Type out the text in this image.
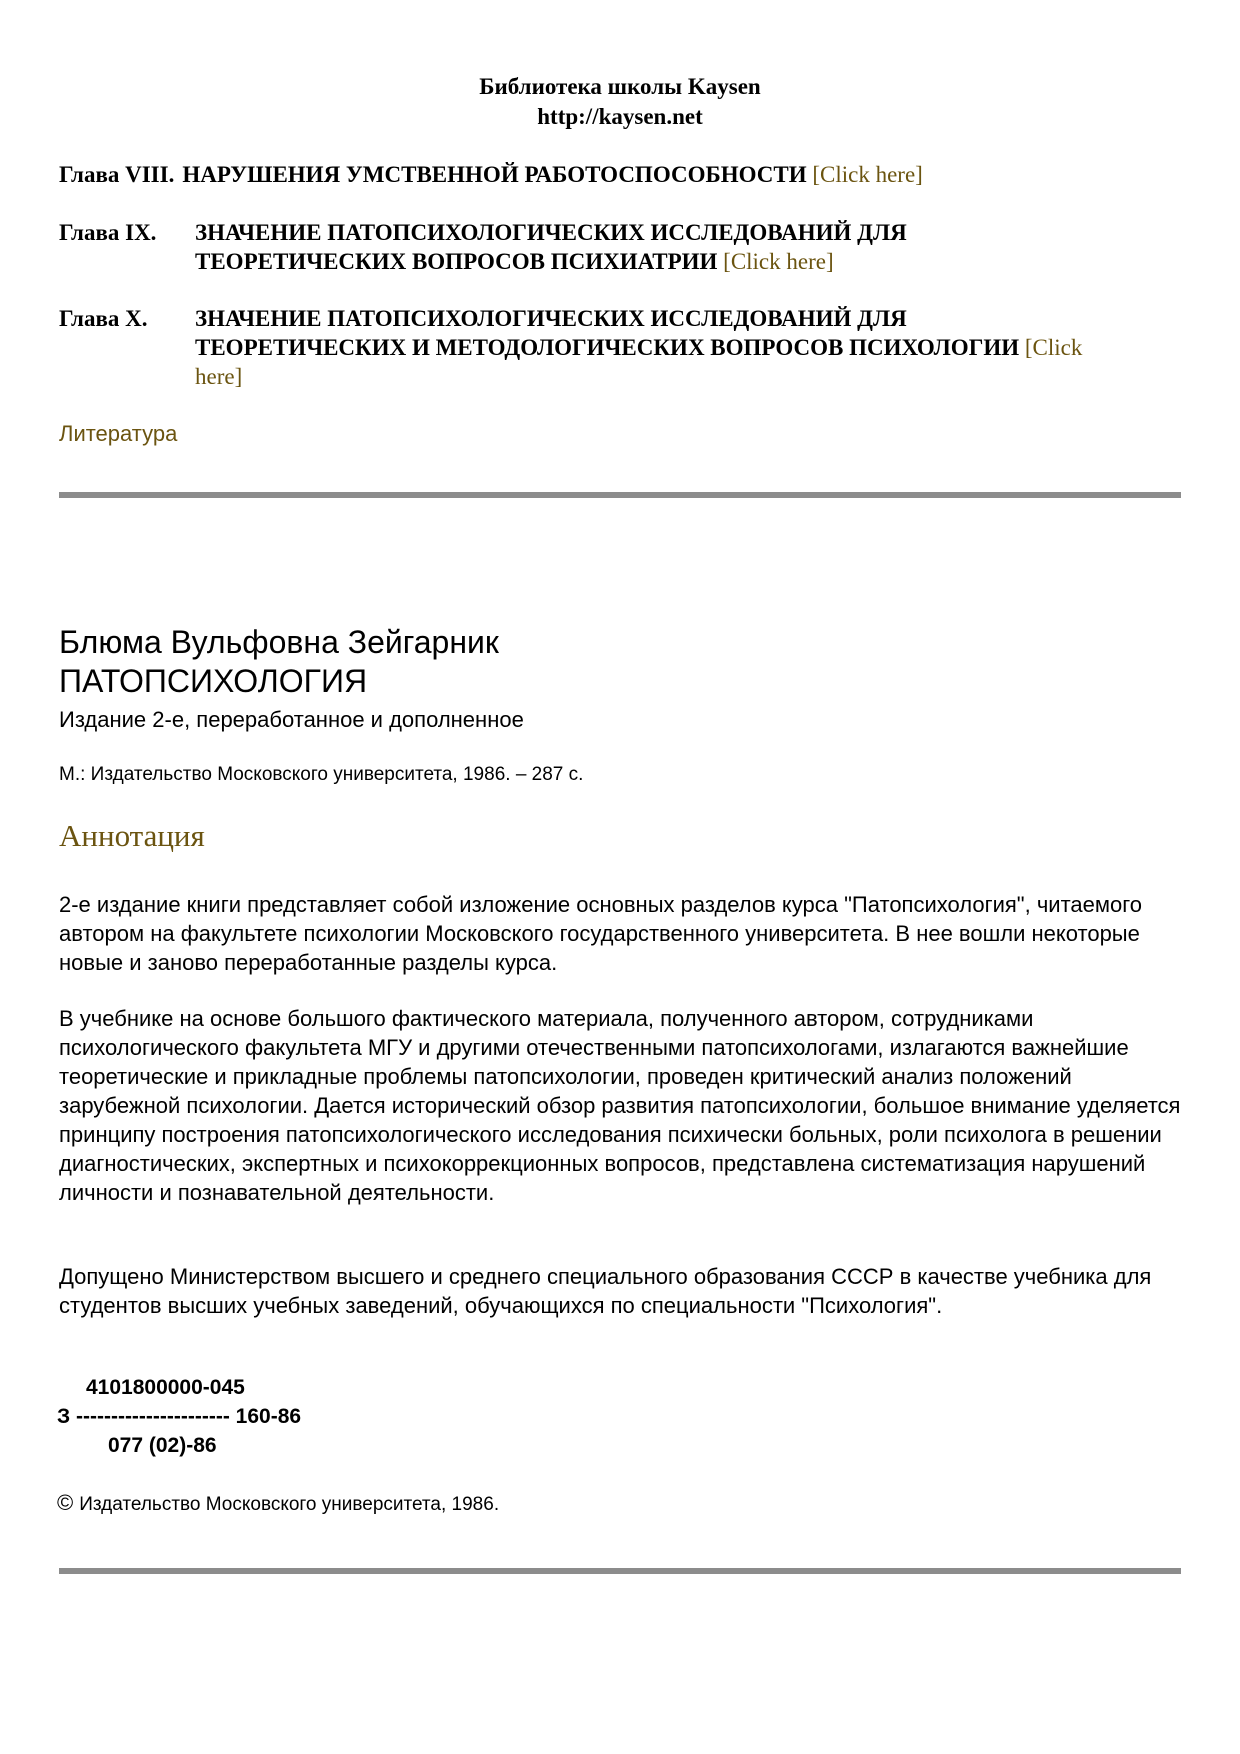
Библиотека школы Kaysen
http://kaysen.net
Глава VIII. НАРУШЕНИЯ УМСТВЕННОЙ РАБОТОСПОСОБНОСТИ [Click here]
Глава IX.	ЗНАЧЕНИЕ ПАТОПСИХОЛОГИЧЕСКИХ ИССЛЕДОВАНИЙ ДЛЯ
ТЕОРЕТИЧЕСКИХ ВОПРОСОВ ПСИХИАТРИИ [Click here]
Глава X.	ЗНАЧЕНИЕ ПАТОПСИХОЛОГИЧЕСКИХ ИССЛЕДОВАНИЙ ДЛЯ
ТЕОРЕТИЧЕСКИХ И МЕТОДОЛОГИЧЕСКИХ ВОПРОСОВ ПСИХОЛОГИИ [Click
here]
Литература
Блюма Вульфовна Зейгарник
ПАТОПСИХОЛОГИЯ
Издание 2-е, переработанное и дополненное
М.: Издательство Московского университета, 1986. – 287 с.
Аннотация

2-е издание книги представляет собой изложение основных разделов курса "Патопсихология", читаемого автором на факультете психологии Московского государственного университета. В нее вошли некоторые новые и заново переработанные разделы курса.

В учебнике на основе большого фактического материала, полученного автором, сотрудниками психологического факультета МГУ и другими отечественными патопсихологами, излагаются важнейшие теоретические и прикладные проблемы патопсихологии, проведен критический анализ положений зарубежной психологии. Дается исторический обзор развития патопсихологии, большое внимание уделяется принципу построения патопсихологического исследования психически больных, роли психолога в решении диагностических, экспертных и психокоррекционных вопросов, представлена систематизация нарушений личности и познавательной деятельности.

Допущено Министерством высшего и среднего специального образования СССР в качестве учебника для студентов высших учебных заведений, обучающихся по специальности "Психология".

4101800000-045
З ---------------------- 160-86
077 (02)-86
© Издательство Московского университета, 1986.
